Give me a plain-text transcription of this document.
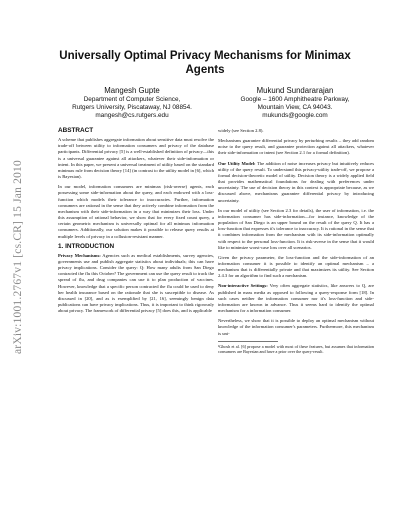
arXiv:1001.2767v1 [cs.CR] 15 Jan 2010
Universally Optimal Privacy Mechanisms for Minimax Agents
Mangesh Gupte
Department of Computer Science,
Rutgers University, Piscataway, NJ 08854.
mangesh@cs.rutgers.edu
Mukund Sundararajan
Google – 1600 Amphitheatre Parkway,
Mountain View, CA 94043.
mukunds@google.com
ABSTRACT

A scheme that publishes aggregate information about sensitive data must resolve the trade-off between utility to information consumers and privacy of the database participants. Differential privacy [5] is a well-established definition of privacy—this is a universal guarantee against all attackers, whatever their side-information or intent. In this paper, we present a universal treatment of utility based on the standard minimax rule from decision theory [14] (in contrast to the utility model in [6], which is Bayesian).

In our model, information consumers are minimax (risk-averse) agents, each possessing some side-information about the query, and each endowed with a loss-function which models their tolerance to inaccuracies. Further, information consumers are rational in the sense that they actively combine information from the mechanism with their side-information in a way that minimizes their loss. Under this assumption of rational behavior, we show that for every fixed count query, a certain geometric mechanism is universally optimal for all minimax information consumers. Additionally, our solution makes it possible to release query results at multiple levels of privacy in a collusion-resistant manner.

1. INTRODUCTION

Privacy Mechanisms: Agencies such as medical establishments, survey agencies, governments use and publish aggregate statistics about individuals; this can have privacy implications. Consider the query: Q: How many adults from San Diego contracted the flu this October? The government can use the query result to track the spread of flu, and drug companies can use it to plan production of vaccines. However, knowledge that a specific person contracted the flu could be used to deny her health insurance based on the rationale that she is susceptible to disease. As discussed in [20], and as is exemplified by [21, 16], seemingly benign data publications can have privacy implications. Thus, it is important to think rigorously about privacy. The framework of differential privacy [5] does this, and is applicable

widely (see Section 2.8).

Mechanisms guarantee differential privacy by perturbing results – they add random noise to the query result, and guarantee protection against all attackers, whatever their side-information or intent (see Section 2.1 for a formal definition).

Our Utility Model: The addition of noise increases privacy but intuitively reduces utility of the query result. To understand this privacy-utility trade-off, we propose a formal decision-theoretic model of utility. Decision theory is a widely applied field that provides mathematical foundations for dealing with preferences under uncertainty. The use of decision theory in this context is appropriate because, as we discussed above, mechanisms guarantee differential privacy by introducing uncertainty.

In our model of utility (see Section 2.3 for details), the user of information, i.e. the information consumer has side-information—for instance, knowledge of the population of San Diego is an upper bound on the result of the query Q. It has a loss-function that expresses it's tolerance to inaccuracy. It is rational in the sense that it combines information from the mechanism with its side-information optimally with respect to the personal loss-function. It is risk-averse in the sense that it would like to minimize worst-case loss over all scenarios.

Given the privacy parameter, the loss-function and the side-information of an information consumer it is possible to identify an optimal mechanism – a mechanism that is differentially private and that maximizes its utility. See Section 2.4.3 for an algorithm to find such a mechanism.

Non-interactive Settings: Very often aggregate statistics, like answers to Q, are published in mass media as opposed to following a query-response form [18]. In such cases neither the information consumer nor it's loss-function and side-information are known in advance. Thus it seems hard to identify the optimal mechanism for a information consumer.

Nevertheless, we show that it is possible to deploy an optimal mechanism without knowledge of the information consumer's parameters. Furthermore, this mechanism is uni-

¹Ghosh et al. [6] propose a model with most of these features, but assumes that information consumers are Bayesian and have a prior over the query-result.
